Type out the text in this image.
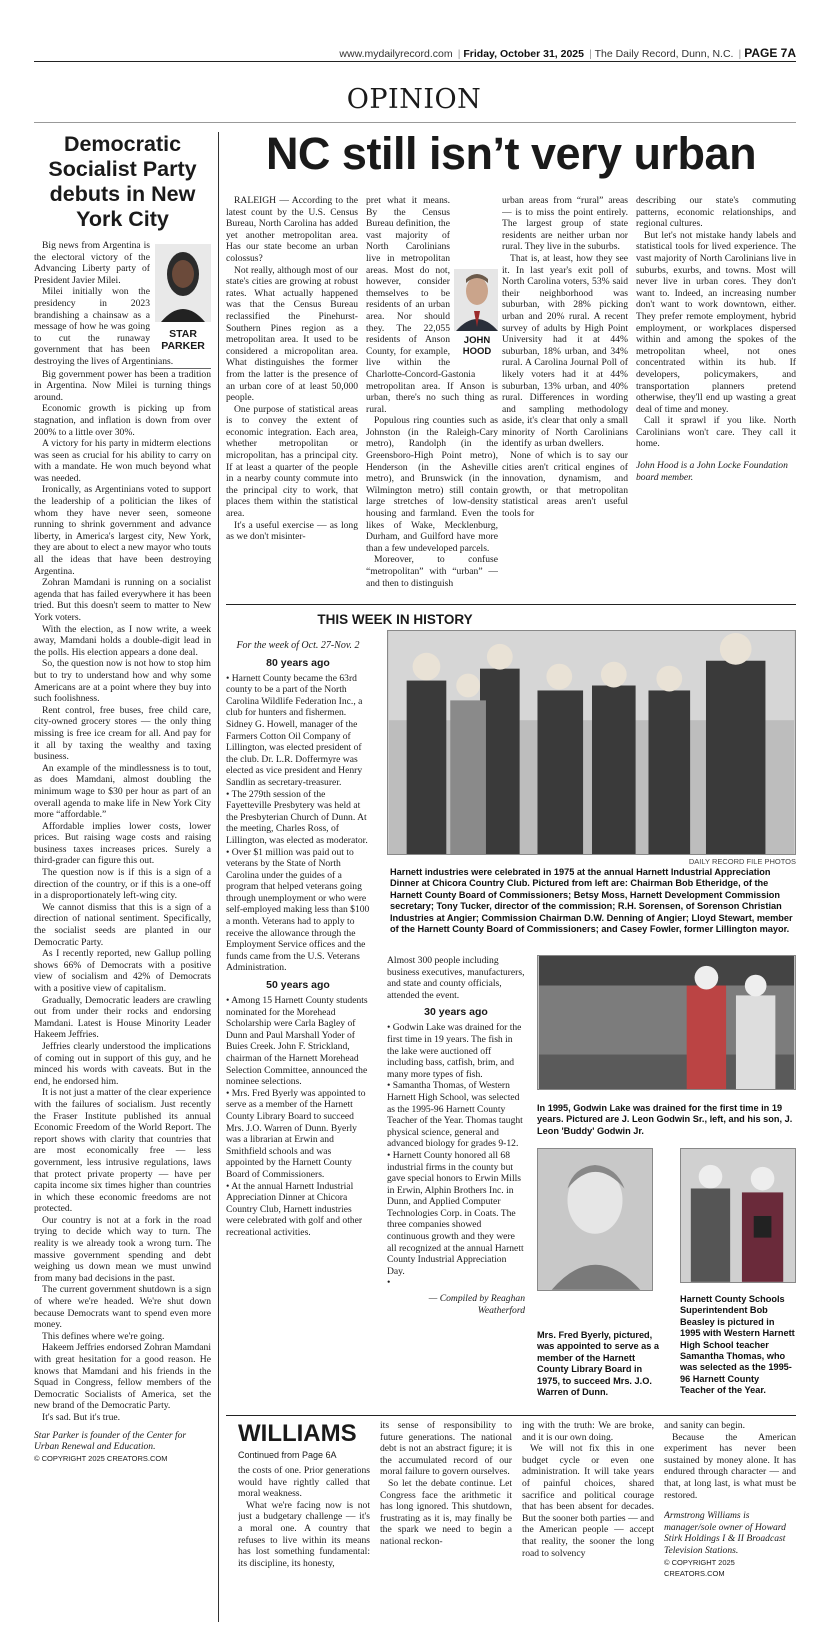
www.mydailyrecord.com | Friday, October 31, 2025 | The Daily Record, Dunn, N.C. | PAGE 7A
OPINION
Democratic Socialist Party debuts in New York City
STAR PARKER

Big news from Argentina is the electoral victory of the Advancing Liberty party of President Javier Milei.

Milei initially won the presidency in 2023 brandishing a chainsaw as a message of how he was going to cut the runaway government that has been destroying the lives of Argentinians.

Big government power has been a tradition in Argentina. Now Milei is turning things around.

Economic growth is picking up from stagnation, and inflation is down from over 200% to a little over 30%.

A victory for his party in midterm elections was seen as crucial for his ability to carry on with a mandate. He won much beyond what was needed.

Ironically, as Argentinians voted to support the leadership of a politician the likes of whom they have never seen, someone running to shrink government and advance liberty, in America's largest city, New York, they are about to elect a new mayor who touts all the ideas that have been destroying Argentina.

Zohran Mamdani is running on a socialist agenda that has failed everywhere it has been tried. But this doesn't seem to matter to New York voters.

With the election, as I now write, a week away, Mamdani holds a double-digit lead in the polls. His election appears a done deal.

So, the question now is not how to stop him but to try to understand how and why some Americans are at a point where they buy into such foolishness.

Rent control, free buses, free child care, city-owned grocery stores — the only thing missing is free ice cream for all. And pay for it all by taxing the wealthy and taxing business.

An example of the mindlessness is to tout, as does Mamdani, almost doubling the minimum wage to $30 per hour as part of an overall agenda to make life in New York City more “affordable.”

Affordable implies lower costs, lower prices. But raising wage costs and raising business taxes increases prices. Surely a third-grader can figure this out.

The question now is if this is a sign of a direction of the country, or if this is a one-off in a disproportionately left-wing city.

We cannot dismiss that this is a sign of a direction of national sentiment. Specifically, the socialist seeds are planted in our Democratic Party.

As I recently reported, new Gallup polling shows 66% of Democrats with a positive view of socialism and 42% of Democrats with a positive view of capitalism.

Gradually, Democratic leaders are crawling out from under their rocks and endorsing Mamdani. Latest is House Minority Leader Hakeem Jeffries.

Jeffries clearly understood the implications of coming out in support of this guy, and he minced his words with caveats. But in the end, he endorsed him.

It is not just a matter of the clear experience with the failures of socialism. Just recently the Fraser Institute published its annual Economic Freedom of the World Report. The report shows with clarity that countries that are most economically free — less government, less intrusive regulations, laws that protect private property — have per capita income six times higher than countries in which these economic freedoms are not protected.

Our country is not at a fork in the road trying to decide which way to turn. The reality is we already took a wrong turn. The massive government spending and debt weighing us down mean we must unwind from many bad decisions in the past.

The current government shutdown is a sign of where we're headed. We're shut down because Democrats want to spend even more money.

This defines where we're going.

Hakeem Jeffries endorsed Zohran Mamdani with great hesitation for a good reason. He knows that Mamdani and his friends in the Squad in Congress, fellow members of the Democratic Socialists of America, set the new brand of the Democratic Party.

It's sad. But it's true.

Star Parker is founder of the Center for Urban Renewal and Education.

© COPYRIGHT 2025 CREATORS.COM

NC still isn’t very urban

RALEIGH — According to the latest count by the U.S. Census Bureau, North Carolina has added yet another metropolitan area. Has our state become an urban colossus?

Not really, although most of our state's cities are growing at robust rates. What actually happened was that the Census Bureau reclassified the Pinehurst-Southern Pines region as a metropolitan area. It used to be considered a micropolitan area. What distinguishes the former from the latter is the presence of an urban core of at least 50,000 people.

One purpose of statistical areas is to convey the extent of economic integration. Each area, whether metropolitan or micropolitan, has a principal city. If at least a quarter of the people in a nearby county commute into the principal city to work, that places them within the statistical area.

It's a useful exercise — as long as we don't misinter-

JOHN HOOD

pret what it means. By the Census Bureau definition, the vast majority of North Carolinians live in metropolitan areas. Most do not, however, consider themselves to be residents of an urban area. Nor should they. The 22,055 residents of Anson County, for example, live within the Charlotte-Concord-Gastonia metropolitan area. If Anson is urban, there's no such thing as rural.

Populous ring counties such as Johnston (in the Raleigh-Cary metro), Randolph (in the Greensboro-High Point metro), Henderson (in the Asheville metro), and Brunswick (in the Wilmington metro) still contain large stretches of low-density housing and farmland. Even the likes of Wake, Mecklenburg, Durham, and Guilford have more than a few undeveloped parcels.

Moreover, to confuse “metropolitan” with “urban” — and then to distinguish

urban areas from “rural” areas — is to miss the point entirely. The largest group of state residents are neither urban nor rural. They live in the suburbs.

That is, at least, how they see it. In last year's exit poll of North Carolina voters, 53% said their neighborhood was suburban, with 28% picking urban and 20% rural. A recent survey of adults by High Point University had it at 44% suburban, 18% urban, and 34% rural. A Carolina Journal Poll of likely voters had it at 44% suburban, 13% urban, and 40% rural. Differences in wording and sampling methodology aside, it's clear that only a small minority of North Carolinians identify as urban dwellers.

None of which is to say our cities aren't critical engines of innovation, dynamism, and growth, or that metropolitan statistical areas aren't useful tools for

describing our state's commuting patterns, economic relationships, and regional cultures.

But let's not mistake handy labels and statistical tools for lived experience. The vast majority of North Carolinians live in suburbs, exurbs, and towns. Most will never live in urban cores. They don't want to. Indeed, an increasing number don't want to work downtown, either. They prefer remote employment, hybrid employment, or workplaces dispersed within and among the spokes of the metropolitan wheel, not ones concentrated within its hub. If developers, policymakers, and transportation planners pretend otherwise, they'll end up wasting a great deal of time and money.

Call it sprawl if you like. North Carolinians won't care. They call it home.

John Hood is a John Locke Foundation board member.

THIS WEEK IN HISTORY
For the week of Oct. 27-Nov. 2
80 years ago

• Harnett County became the 63rd county to be a part of the North Carolina Wildlife Federation Inc., a club for hunters and fishermen. Sidney G. Howell, manager of the Farmers Cotton Oil Company of Lillington, was elected president of the club. Dr. L.R. Doffermyre was elected as vice president and Henry Sandlin as secretary-treasurer.

• The 279th session of the Fayetteville Presbytery was held at the Presbyterian Church of Dunn. At the meeting, Charles Ross, of Lillington, was elected as moderator.

• Over $1 million was paid out to veterans by the State of North Carolina under the guides of a program that helped veterans going through unemployment or who were self-employed making less than $100 a month. Veterans had to apply to receive the allowance through the Employment Service offices and the funds came from the U.S. Veterans Administration.

50 years ago

• Among 15 Harnett County students nominated for the Morehead Scholarship were Carla Bagley of Dunn and Paul Marshall Yoder of Buies Creek. John F. Strickland, chairman of the Harnett Morehead Selection Committee, announced the nominee selections.

• Mrs. Fred Byerly was appointed to serve as a member of the Harnett County Library Board to succeed Mrs. J.O. Warren of Dunn. Byerly was a librarian at Erwin and Smithfield schools and was appointed by the Harnett County Board of Commissioners.

• At the annual Harnett Industrial Appreciation Dinner at Chicora Country Club, Harnett industries were celebrated with golf and other recreational activities.

DAILY RECORD FILE PHOTOS
Harnett industries were celebrated in 1975 at the annual Harnett Industrial Appreciation Dinner at Chicora Country Club. Pictured from left are: Chairman Bob Etheridge, of the Harnett County Board of Commissioners; Betsy Moss, Harnett Development Commission secretary; Tony Tucker, director of the commission; R.H. Sorensen, of Sorenson Christian Industries at Angier; Commission Chairman D.W. Denning of Angier; Lloyd Stewart, member of the Harnett County Board of Commissioners; and Casey Fowler, former Lillington mayor.

Almost 300 people including business executives, manufacturers, and state and county officials, attended the event.

30 years ago

• Godwin Lake was drained for the first time in 19 years. The fish in the lake were auctioned off including bass, catfish, brim, and many more types of fish.

• Samantha Thomas, of Western Harnett High School, was selected as the 1995-96 Harnett County Teacher of the Year. Thomas taught physical science, general and advanced biology for grades 9-12.

• Harnett County honored all 68 industrial firms in the county but gave special honors to Erwin Mills in Erwin, Alphin Brothers Inc. in Dunn, and Applied Computer Technologies Corp. in Coats. The three companies showed continuous growth and they were all recognized at the annual Harnett County Industrial Appreciation Day.

•

— Compiled by Reaghan Weatherford

In 1995, Godwin Lake was drained for the first time in 19 years. Pictured are J. Leon Godwin Sr., left, and his son, J. Leon 'Buddy' Godwin Jr.
Mrs. Fred Byerly, pictured, was appointed to serve as a member of the Harnett County Library Board in 1975, to succeed Mrs. J.O. Warren of Dunn.
Harnett County Schools Superintendent Bob Beasley is pictured in 1995 with Western Harnett High School teacher Samantha Thomas, who was selected as the 1995-96 Harnett County Teacher of the Year.
WILLIAMS
Continued from Page 6A

the costs of one. Prior generations would have rightly called that moral weakness.

What we're facing now is not just a budgetary challenge — it's a moral one. A country that refuses to live within its means has lost something fundamental: its discipline, its honesty,

its sense of responsibility to future generations. The national debt is not an abstract figure; it is the accumulated record of our moral failure to govern ourselves.

So let the debate continue. Let Congress face the arithmetic it has long ignored. This shutdown, frustrating as it is, may finally be the spark we need to begin a national reckon-

ing with the truth: We are broke, and it is our own doing.

We will not fix this in one budget cycle or even one administration. It will take years of painful choices, shared sacrifice and political courage that has been absent for decades. But the sooner both parties — and the American people — accept that reality, the sooner the long road to solvency

and sanity can begin.

Because the American experiment has never been sustained by money alone. It has endured through character — and that, at long last, is what must be restored.

Armstrong Williams is manager/sole owner of Howard Stirk Holdings I & II Broadcast Television Stations.

© COPYRIGHT 2025 CREATORS.COM
